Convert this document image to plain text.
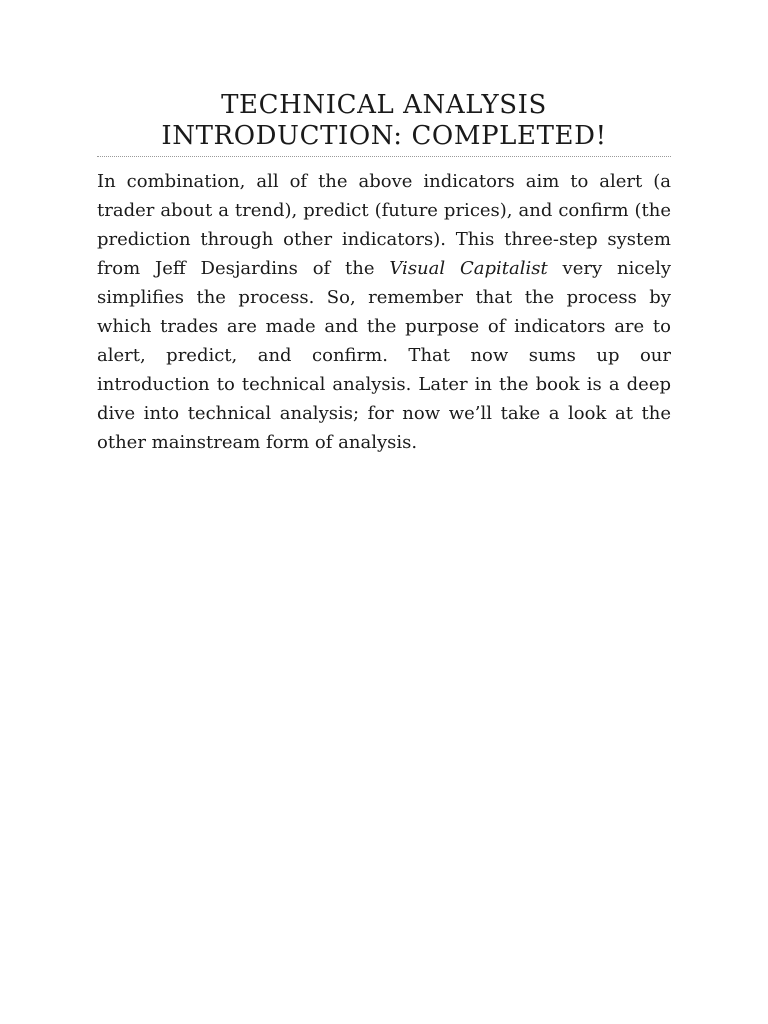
TECHNICAL ANALYSIS
INTRODUCTION: COMPLETED!

In combination, all of the above indicators aim to alert (a trader about a trend), predict (future prices), and confirm (the prediction through other indicators). This three-step system from Jeff Desjardins of the Visual Capitalist very nicely simplifies the process. So, remember that the process by which trades are made and the purpose of indicators are to alert, predict, and confirm. That now sums up our introduction to technical analysis. Later in the book is a deep dive into technical analysis; for now we’ll take a look at the other mainstream form of analysis.
